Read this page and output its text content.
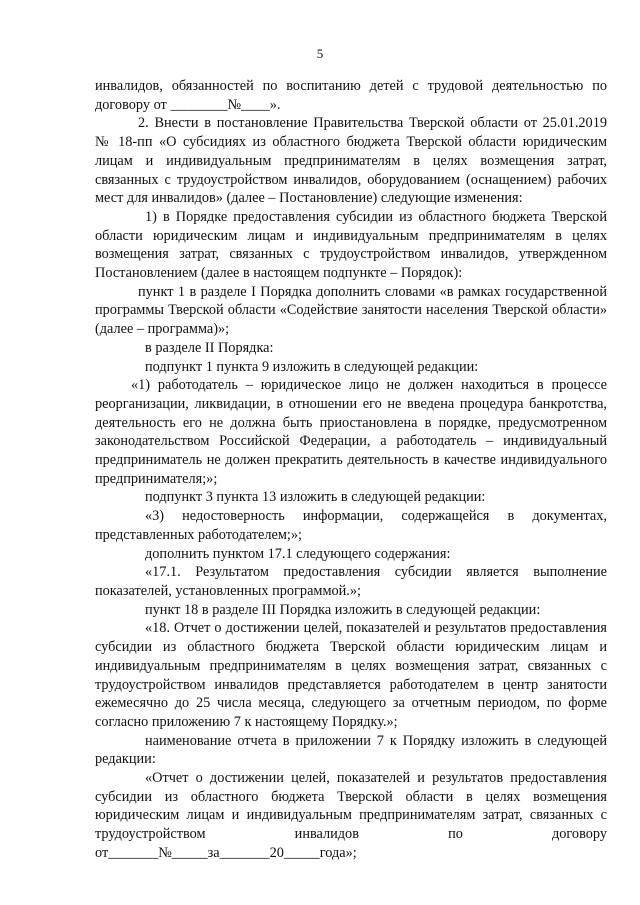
5

инвалидов, обязанностей по воспитанию детей с трудовой деятельностью по договору от ________№____».

2. Внести в постановление Правительства Тверской области от 25.01.2019 № 18-пп «О субсидиях из областного бюджета Тверской области юридическим лицам и индивидуальным предпринимателям в целях возмещения затрат, связанных с трудоустройством инвалидов, оборудованием (оснащением) рабочих мест для инвалидов» (далее – Постановление) следующие изменения:

1) в Порядке предоставления субсидии из областного бюджета Тверской области юридическим лицам и индивидуальным предпринимателям в целях возмещения затрат, связанных с трудоустройством инвалидов, утвержденном Постановлением (далее в настоящем подпункте – Порядок):

пункт 1 в разделе I Порядка дополнить словами «в рамках государственной программы Тверской области «Содействие занятости населения Тверской области» (далее – программа)»;

в разделе II Порядка:

подпункт 1 пункта 9 изложить в следующей редакции:

«1) работодатель – юридическое лицо не должен находиться в процессе реорганизации, ликвидации, в отношении его не введена процедура банкротства, деятельность его не должна быть приостановлена в порядке, предусмотренном законодательством Российской Федерации, а работодатель – индивидуальный предприниматель не должен прекратить деятельность в качестве индивидуального предпринимателя;»;

подпункт 3 пункта 13 изложить в следующей редакции:

«3) недостоверность информации, содержащейся в документах, представленных работодателем;»;

дополнить пунктом 17.1 следующего содержания:

«17.1. Результатом предоставления субсидии является выполнение показателей, установленных программой.»;

пункт 18 в разделе III Порядка изложить в следующей редакции:

«18. Отчет о достижении целей, показателей и результатов предоставления субсидии из областного бюджета Тверской области юридическим лицам и индивидуальным предпринимателям в целях возмещения затрат, связанных с трудоустройством инвалидов представляется работодателем в центр занятости ежемесячно до 25 числа месяца, следующего за отчетным периодом, по форме согласно приложению 7 к настоящему Порядку.»;

наименование отчета в приложении 7 к Порядку изложить в следующей редакции:

«Отчет о достижении целей, показателей и результатов предоставления субсидии из областного бюджета Тверской области в целях возмещения юридическим лицам и индивидуальным предпринимателям затрат, связанных с трудоустройством инвалидов по договору от_______№_____за_______20_____года»;
